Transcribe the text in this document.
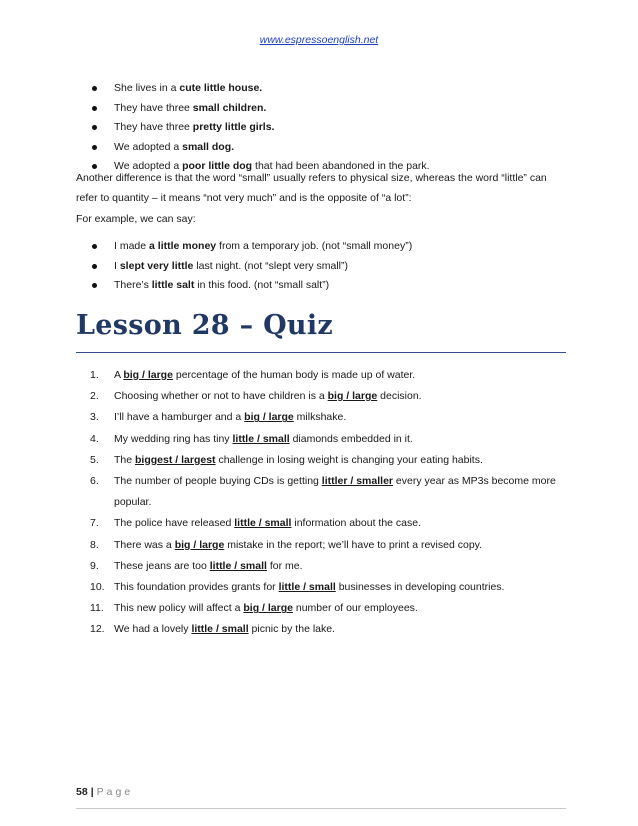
www.espressoenglish.net
She lives in a cute little house.
They have three small children.
They have three pretty little girls.
We adopted a small dog.
We adopted a poor little dog that had been abandoned in the park.

Another difference is that the word “small” usually refers to physical size, whereas the word “little” can refer to quantity – it means “not very much” and is the opposite of “a lot”:

For example, we can say:

I made a little money from a temporary job. (not “small money”)
I slept very little last night. (not “slept very small”)
There’s little salt in this food. (not “small salt”)
Lesson 28 – Quiz
1. A big / large percentage of the human body is made up of water.
2. Choosing whether or not to have children is a big / large decision.
3. I’ll have a hamburger and a big / large milkshake.
4. My wedding ring has tiny little / small diamonds embedded in it.
5. The biggest / largest challenge in losing weight is changing your eating habits.
6. The number of people buying CDs is getting littler / smaller every year as MP3s become more popular.
7. The police have released little / small information about the case.
8. There was a big / large mistake in the report; we’ll have to print a revised copy.
9. These jeans are too little / small for me.
10. This foundation provides grants for little / small businesses in developing countries.
11. This new policy will affect a big / large number of our employees.
12. We had a lovely little / small picnic by the lake.
58 | Page
